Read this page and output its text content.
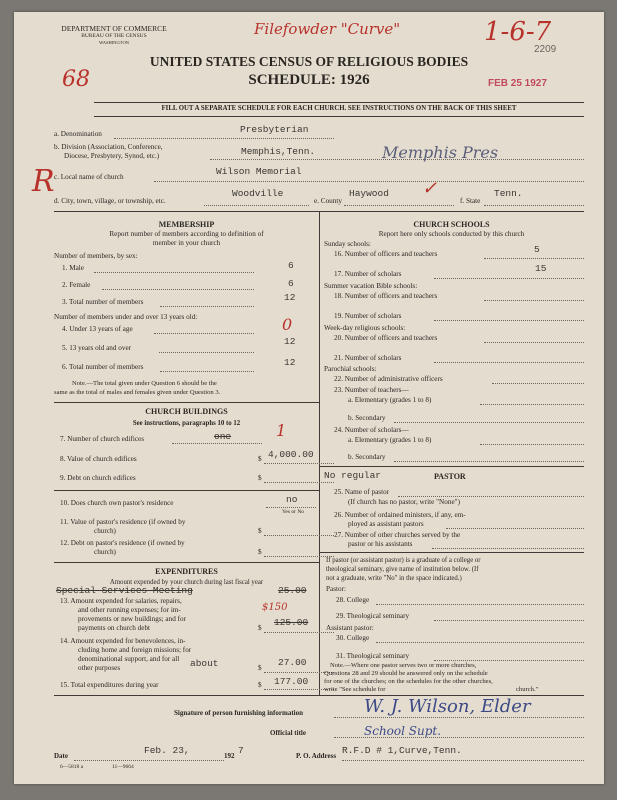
DEPARTMENT OF COMMERCE
BUREAU OF THE CENSUS
WASHINGTON
Filefowder "Curve"	1-6-7
2209
68
UNITED STATES CENSUS OF RELIGIOUS BODIES
SCHEDULE: 1926	FEB 25 1927
FILL OUT A SEPARATE SCHEDULE FOR EACH CHURCH. SEE INSTRUCTIONS ON THE BACK OF THIS SHEET
R
a. Denomination	Presbyterian
b. Division (Association, Conference,
Diocese, Presbytery, Synod, etc.)	Memphis,Tenn.	Memphis Pres
c. Local name of church	Wilson Memorial
d. City, town, village, or township, etc.
Woodville
e. County
Haywood ✓
f. State
Tenn.
MEMBERSHIP
Report number of members according to definition of
member in your church
Number of members, by sex:
1. Male	6
2. Female	6
3. Total number of members	12
Number of members under and over 13 years old:
4. Under 13 years of age	0
5. 13 years old and over
12
6. Total number of members	12
Note.—The total given under Question 6 should be the
same as the total of males and females given under Question 3.
CHURCH BUILDINGS
See instructions, paragraphs 10 to 12
7. Number of church edifices	one	1
8. Value of church edifices	$ 4,000.00
9. Debt on church edifices	$
10. Does church own pastor's residence	no
Yes or No
11. Value of pastor's residence (if owned by
church)	$
12. Debt on pastor's residence (if owned by
church)	$
EXPENDITURES
Amount expended by your church during last fiscal year
Special Services Meeting	25.00
13. Amount expended for salaries, repairs,
and other running expenses; for im-
provements or new buildings; and for
payments on church debt
$150
$ 125.00
14. Amount expended for benevolences, in-
cluding home and foreign missions; for
denominational support, and for all
other purposes	about	$ 27.00
15. Total expenditures during year	$ 177.00
CHURCH SCHOOLS
Report here only schools conducted by this church
Sunday schools:
16. Number of officers and teachers	5
17. Number of scholars	15
Summer vacation Bible schools:
18. Number of officers and teachers
19. Number of scholars
Week-day religious schools:
20. Number of officers and teachers
21. Number of scholars
Parochial schools:
22. Number of administrative officers
23. Number of teachers—
a. Elementary (grades 1 to 8)
b. Secondary
24. Number of scholars—
a. Elementary (grades 1 to 8)
b. Secondary
No regular	PASTOR
25. Name of pastor
(If church has no pastor, write "None")
26. Number of ordained ministers, if any, em-
ployed as assistant pastors
27. Number of other churches served by the
pastor or his assistants
If pastor (or assistant pastor) is a graduate of a college or
theological seminary, give name of institution below. (If
not a graduate, write "No" in the space indicated.)
Pastor:
28. College
29. Theological seminary
Assistant pastor:
30. College
31. Theological seminary
Note.—Where one pastor serves two or more churches,
Questions 28 and 29 should be answered only on the schedule
for one of the churches; on the schedules for the other churches,
write "See schedule for	church."
Signature of person furnishing information	W. J. Wilson, Elder
Official title	School Supt.
Date	Feb. 23,	192 7	P. O. Address R.F.D # 1,Curve,Tenn.
6—5818 a	11—9664
